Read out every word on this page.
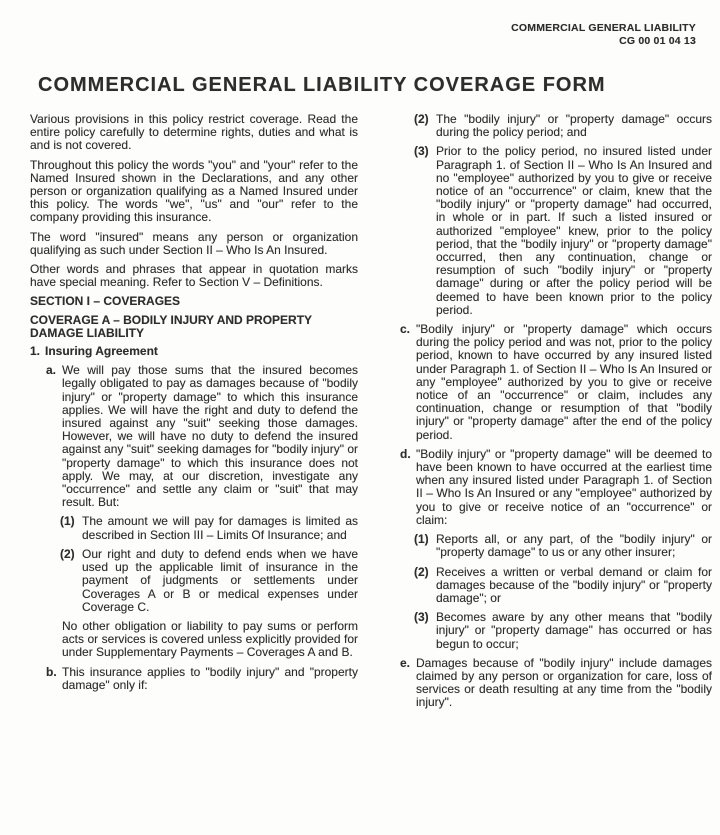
COMMERCIAL GENERAL LIABILITY
CG 00 01 04 13
COMMERCIAL GENERAL LIABILITY COVERAGE FORM

Various provisions in this policy restrict coverage. Read the entire policy carefully to determine rights, duties and what is and is not covered.

Throughout this policy the words "you" and "your" refer to the Named Insured shown in the Declarations, and any other person or organization qualifying as a Named Insured under this policy. The words "we", "us" and "our" refer to the company providing this insurance.

The word "insured" means any person or organization qualifying as such under Section II – Who Is An Insured.

Other words and phrases that appear in quotation marks have special meaning. Refer to Section V – Definitions.

SECTION I – COVERAGES

COVERAGE A – BODILY INJURY AND PROPERTY DAMAGE LIABILITY

1. Insuring Agreement
a. We will pay those sums that the insured becomes legally obligated to pay as damages because of "bodily injury" or "property damage" to which this insurance applies. We will have the right and duty to defend the insured against any "suit" seeking those damages. However, we will have no duty to defend the insured against any "suit" seeking damages for "bodily injury" or "property damage" to which this insurance does not apply. We may, at our discretion, investigate any "occurrence" and settle any claim or "suit" that may result. But:
(1) The amount we will pay for damages is limited as described in Section III – Limits Of Insurance; and
(2) Our right and duty to defend ends when we have used up the applicable limit of insurance in the payment of judgments or settlements under Coverages A or B or medical expenses under Coverage C.

No other obligation or liability to pay sums or perform acts or services is covered unless explicitly provided for under Supplementary Payments – Coverages A and B.

b. This insurance applies to "bodily injury" and "property damage" only if:
(2) The "bodily injury" or "property damage" occurs during the policy period; and
(3) Prior to the policy period, no insured listed under Paragraph 1. of Section II – Who Is An Insured and no "employee" authorized by you to give or receive notice of an "occurrence" or claim, knew that the "bodily injury" or "property damage" had occurred, in whole or in part. If such a listed insured or authorized "employee" knew, prior to the policy period, that the "bodily injury" or "property damage" occurred, then any continuation, change or resumption of such "bodily injury" or "property damage" during or after the policy period will be deemed to have been known prior to the policy period.
c. "Bodily injury" or "property damage" which occurs during the policy period and was not, prior to the policy period, known to have occurred by any insured listed under Paragraph 1. of Section II – Who Is An Insured or any "employee" authorized by you to give or receive notice of an "occurrence" or claim, includes any continuation, change or resumption of that "bodily injury" or "property damage" after the end of the policy period.
d. "Bodily injury" or "property damage" will be deemed to have been known to have occurred at the earliest time when any insured listed under Paragraph 1. of Section II – Who Is An Insured or any "employee" authorized by you to give or receive notice of an "occurrence" or claim:
(1) Reports all, or any part, of the "bodily injury" or "property damage" to us or any other insurer;
(2) Receives a written or verbal demand or claim for damages because of the "bodily injury" or "property damage"; or
(3) Becomes aware by any other means that "bodily injury" or "property damage" has occurred or has begun to occur;
e. Damages because of "bodily injury" include damages claimed by any person or organization for care, loss of services or death resulting at any time from the "bodily injury".
